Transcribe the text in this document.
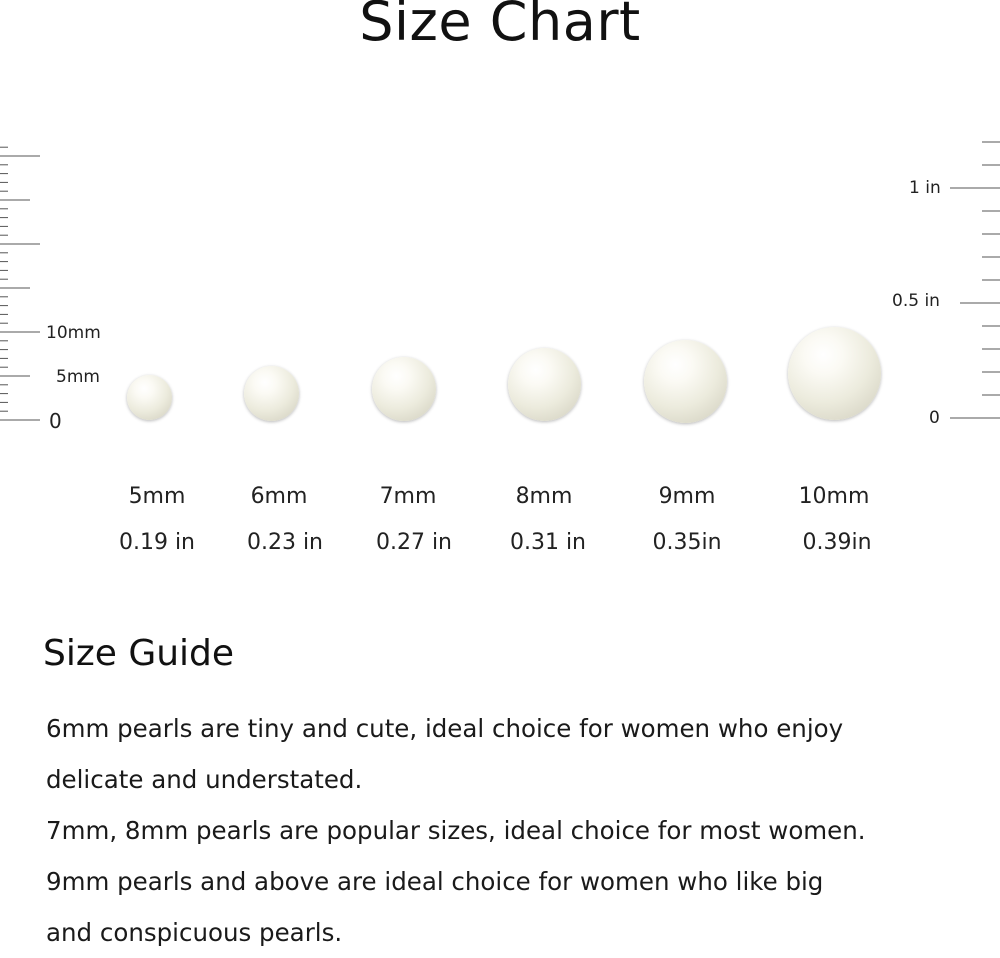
Size Chart
10mm
5mm
0
1 in
0.5 in
0
5mm
0.19 in
6mm
0.23 in
7mm
0.27 in
8mm
0.31 in
9mm
0.35in
10mm
0.39in
Size Guide
6mm pearls are tiny and cute, ideal choice for women who enjoy
delicate and understated.
7mm, 8mm pearls are popular sizes, ideal choice for most women.
9mm pearls and above are ideal choice for women who like big
and conspicuous pearls.
